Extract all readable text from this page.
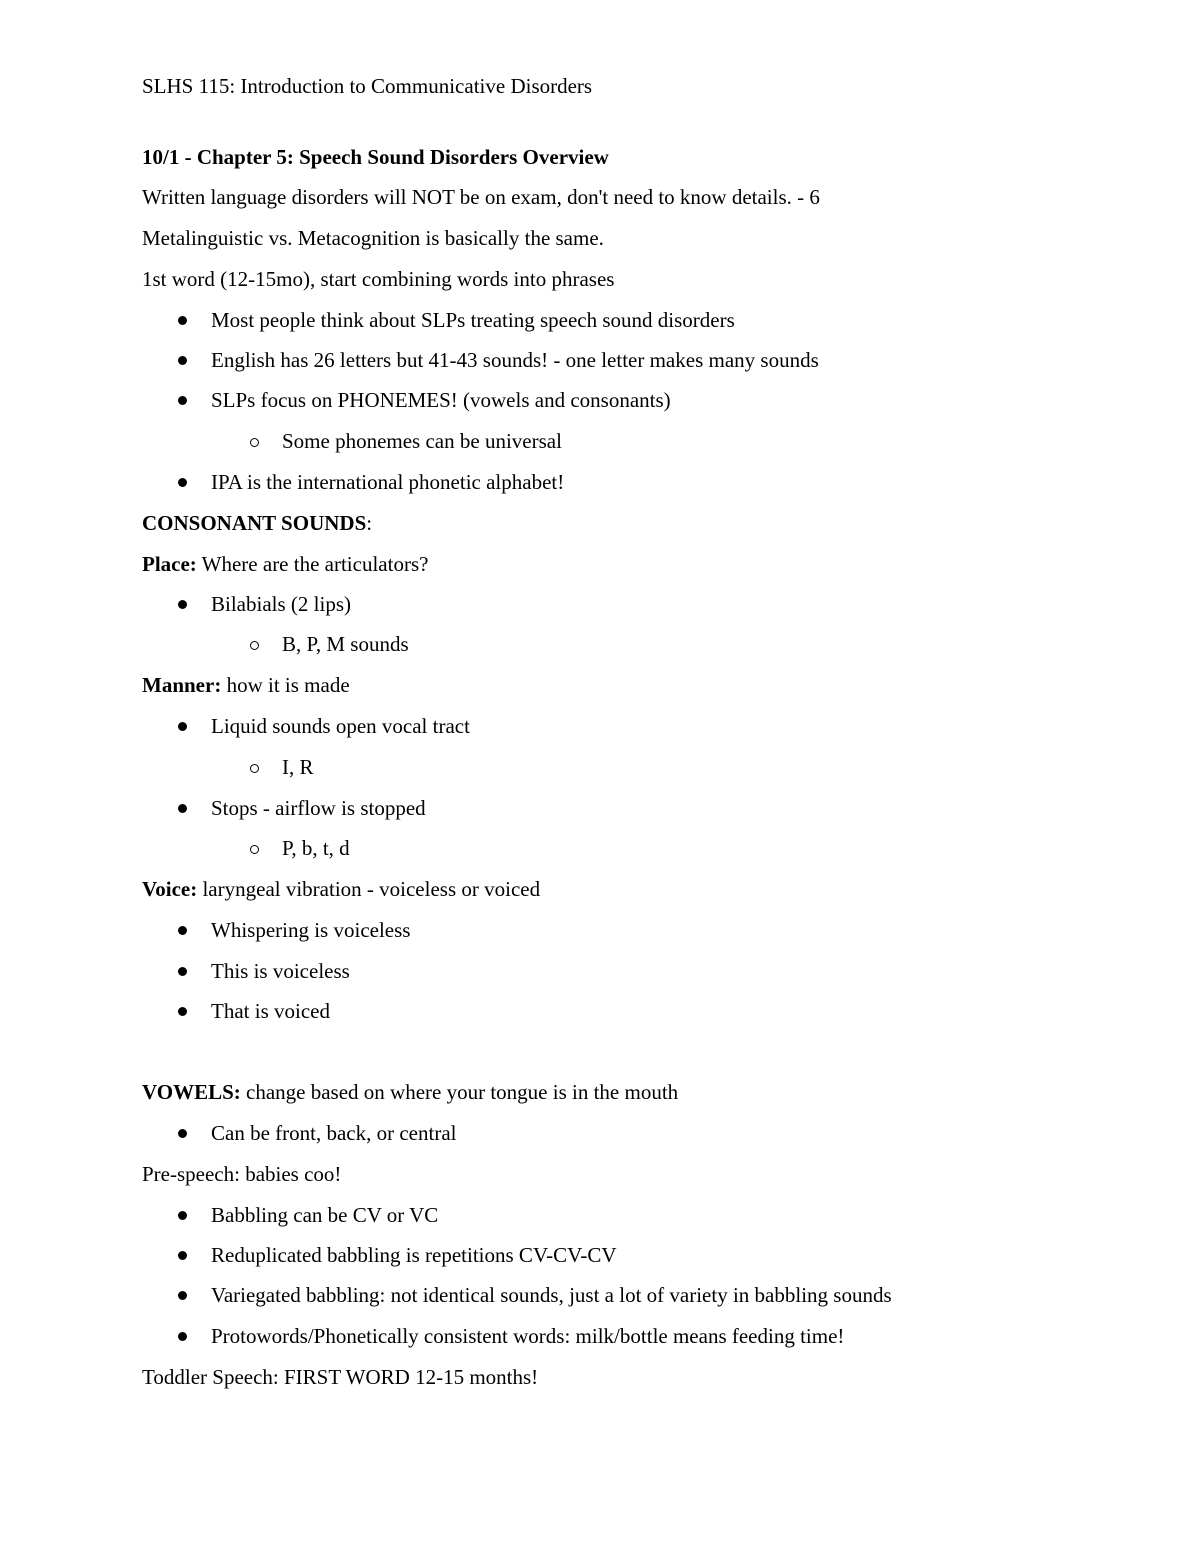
SLHS 115: Introduction to Communicative Disorders
10/1 - Chapter 5: Speech Sound Disorders Overview
Written language disorders will NOT be on exam, don't need to know details. - 6
Metalinguistic vs. Metacognition is basically the same.
1st word (12-15mo), start combining words into phrases
Most people think about SLPs treating speech sound disorders
English has 26 letters but 41-43 sounds! - one letter makes many sounds
SLPs focus on PHONEMES! (vowels and consonants)
Some phonemes can be universal
IPA is the international phonetic alphabet!
CONSONANT SOUNDS:
Place: Where are the articulators?
Bilabials (2 lips)
B, P, M sounds
Manner: how it is made
Liquid sounds open vocal tract
I, R
Stops - airflow is stopped
P, b, t, d
Voice: laryngeal vibration - voiceless or voiced
Whispering is voiceless
This is voiceless
That is voiced
VOWELS: change based on where your tongue is in the mouth
Can be front, back, or central
Pre-speech: babies coo!
Babbling can be CV or VC
Reduplicated babbling is repetitions CV-CV-CV
Variegated babbling: not identical sounds, just a lot of variety in babbling sounds
Protowords/Phonetically consistent words: milk/bottle means feeding time!
Toddler Speech: FIRST WORD 12-15 months!
